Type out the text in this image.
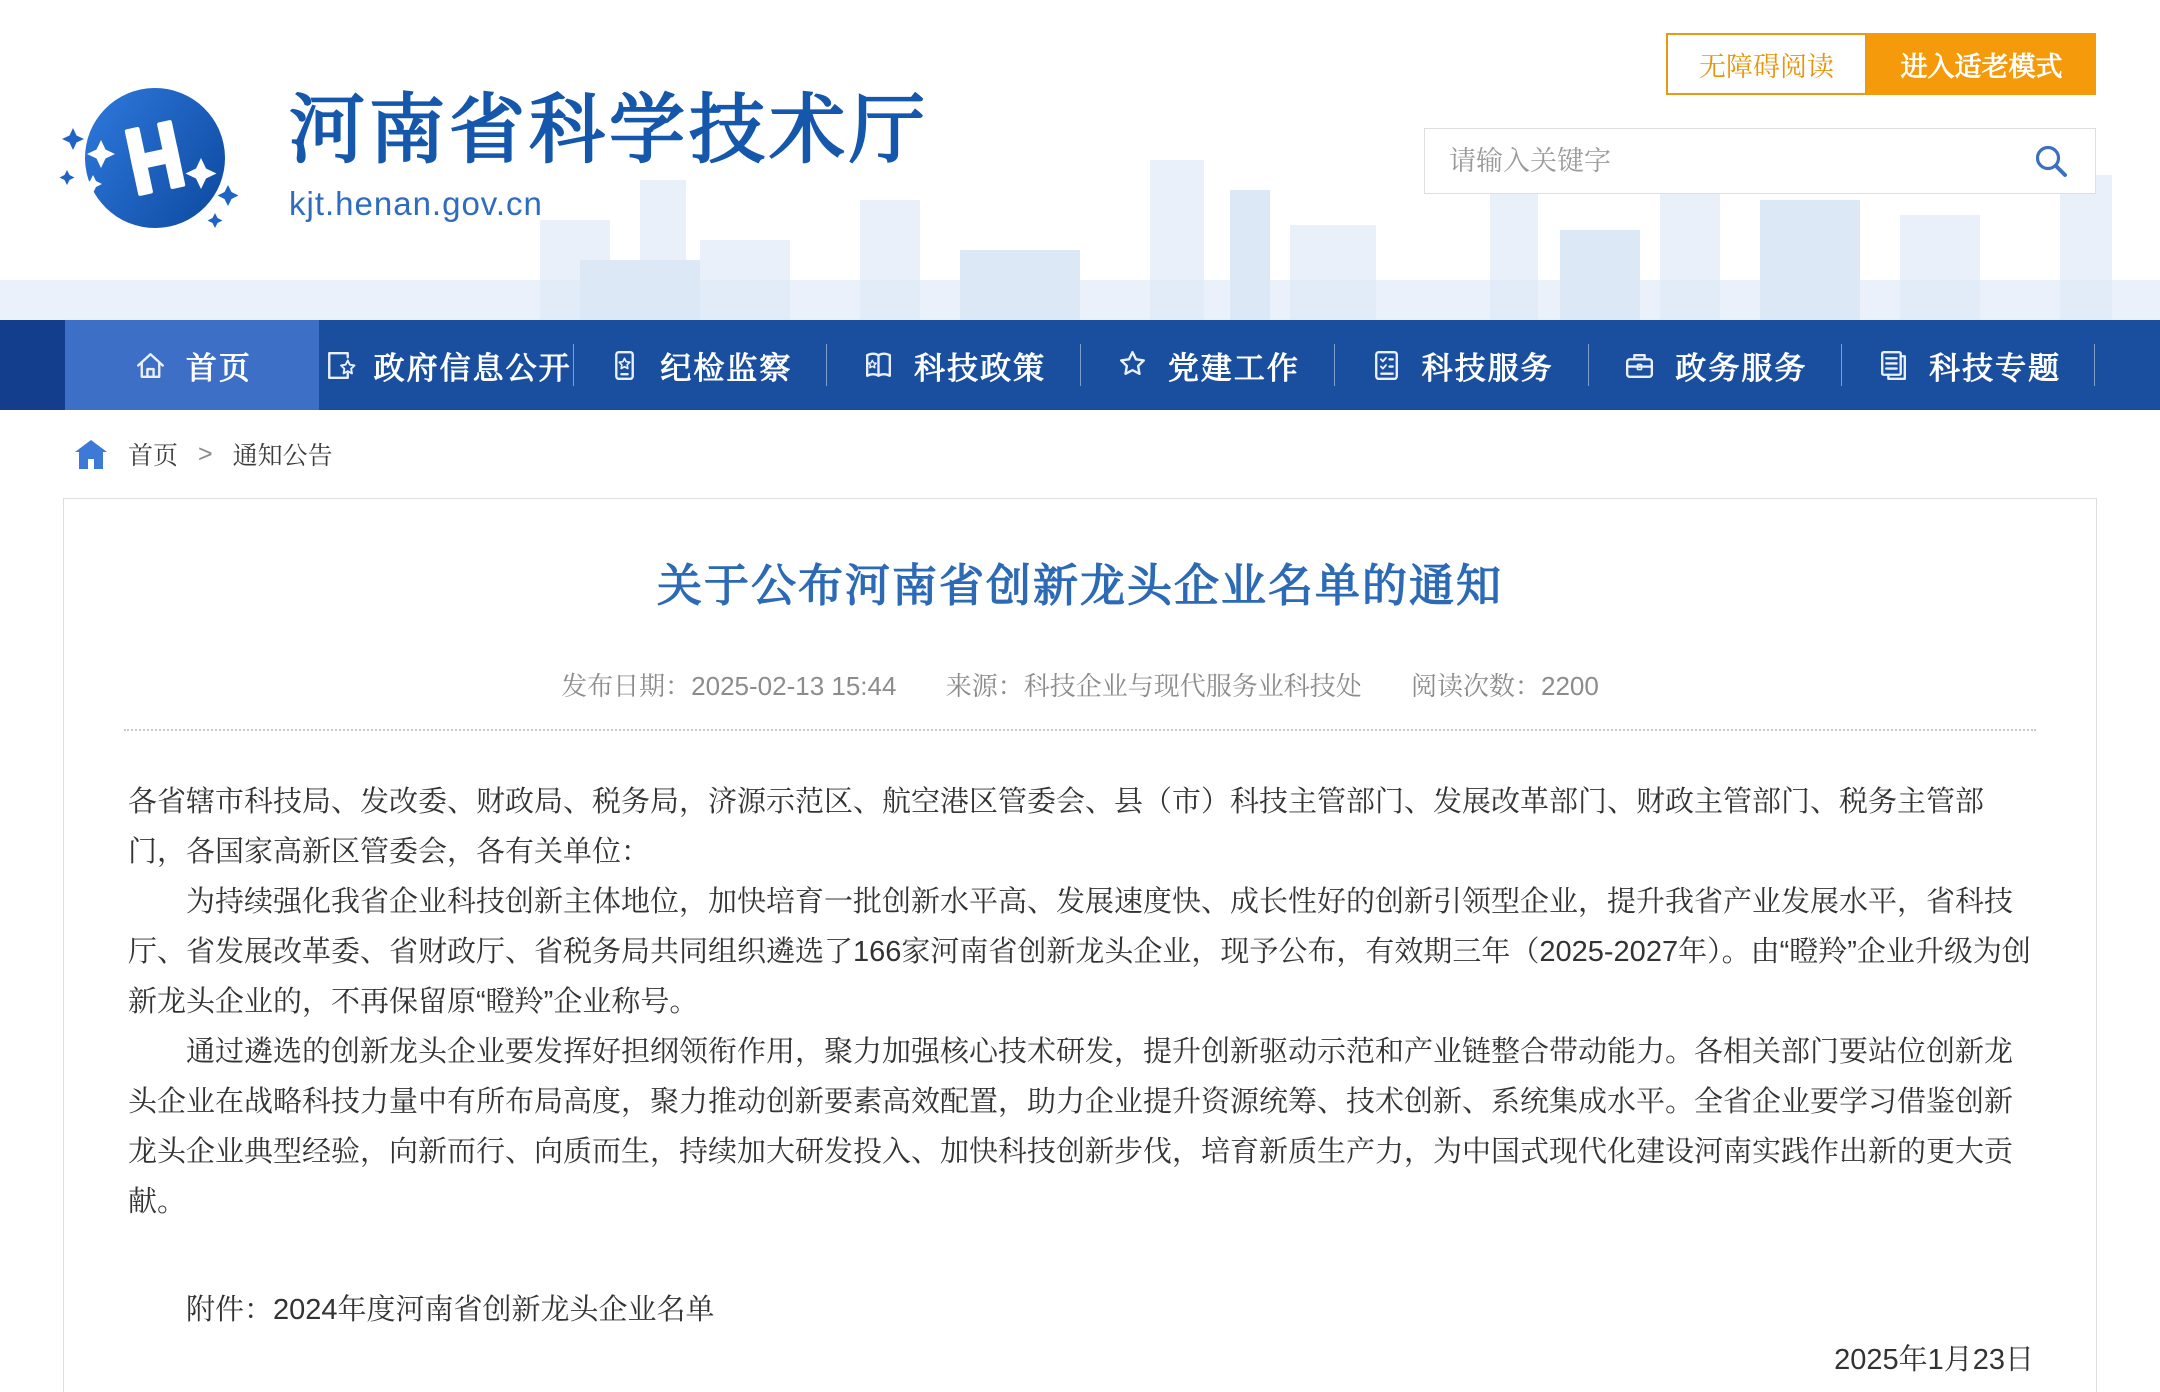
河南省科学技术厅
kjt.henan.gov.cn
无障碍阅读	进入适老模式
请输入关键字
首页	政府信息公开	纪检监察	科技政策	党建工作	科技服务	政务服务	科技专题
首页 > 通知公告
关于公布河南省创新龙头企业名单的通知
发布日期：2025-02-13 15:44 来源：科技企业与现代服务业科技处 阅读次数：2200

各省辖市科技局、发改委、财政局、税务局，济源示范区、航空港区管委会、县（市）科技主管部门、发展改革部门、财政主管部门、税务主管部门，各国家高新区管委会，各有关单位：

为持续强化我省企业科技创新主体地位，加快培育一批创新水平高、发展速度快、成长性好的创新引领型企业，提升我省产业发展水平，省科技厅、省发展改革委、省财政厅、省税务局共同组织遴选了166家河南省创新龙头企业，现予公布，有效期三年（2025-2027年）。由“瞪羚”企业升级为创新龙头企业的，不再保留原“瞪羚”企业称号。

通过遴选的创新龙头企业要发挥好担纲领衔作用，聚力加强核心技术研发，提升创新驱动示范和产业链整合带动能力。各相关部门要站位创新龙头企业在战略科技力量中有所布局高度，聚力推动创新要素高效配置，助力企业提升资源统筹、技术创新、系统集成水平。全省企业要学习借鉴创新龙头企业典型经验，向新而行、向质而生，持续加大研发投入、加快科技创新步伐，培育新质生产力，为中国式现代化建设河南实践作出新的更大贡献。

附件：2024年度河南省创新龙头企业名单

2025年1月23日
